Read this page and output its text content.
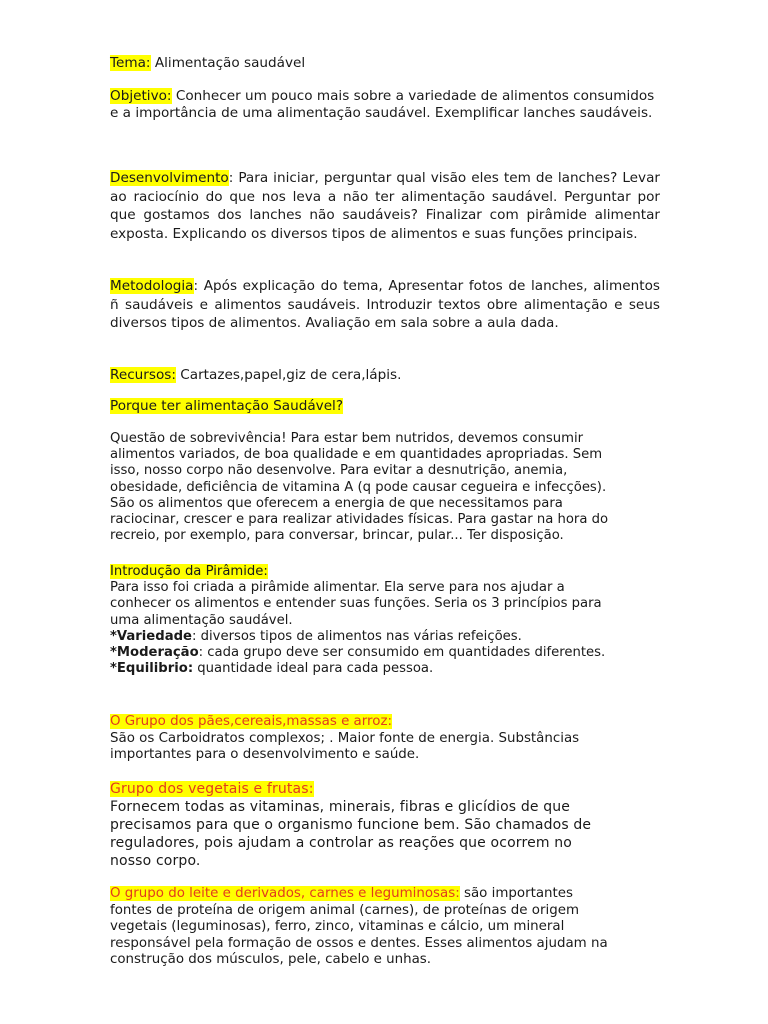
Tema: Alimentação saudável

Objetivo: Conhecer um pouco mais sobre a variedade de alimentos consumidos e a importância de uma alimentação saudável. Exemplificar lanches saudáveis.

Desenvolvimento: Para iniciar, perguntar qual visão eles tem de lanches? Levar ao raciocínio do que nos leva a não ter alimentação saudável. Perguntar por que gostamos dos lanches não saudáveis? Finalizar com pirâmide alimentar exposta. Explicando os diversos tipos de alimentos e suas funções principais.

Metodologia: Após explicação do tema, Apresentar fotos de lanches, alimentos ñ saudáveis e alimentos saudáveis. Introduzir textos obre alimentação e seus diversos tipos de alimentos. Avaliação em sala sobre a aula dada.

Recursos: Cartazes,papel,giz de cera,lápis.

Porque ter alimentação Saudável?

Questão de sobrevivência! Para estar bem nutridos, devemos consumir
alimentos variados, de boa qualidade e em quantidades apropriadas. Sem
isso, nosso corpo não desenvolve. Para evitar a desnutrição, anemia,
obesidade, deficiência de vitamina A (q pode causar cegueira e infecções).
São os alimentos que oferecem a energia de que necessitamos para
raciocinar, crescer e para realizar atividades físicas. Para gastar na hora do
recreio, por exemplo, para conversar, brincar, pular... Ter disposição.

Introdução da Pirâmide:
Para isso foi criada a pirâmide alimentar. Ela serve para nos ajudar a
conhecer os alimentos e entender suas funções. Seria os 3 princípios para
uma alimentação saudável.
*Variedade: diversos tipos de alimentos nas várias refeições.
*Moderação: cada grupo deve ser consumido em quantidades diferentes.
*Equilibrio: quantidade ideal para cada pessoa.

O Grupo dos pães,cereais,massas e arroz:
São os Carboidratos complexos; . Maior fonte de energia. Substâncias
importantes para o desenvolvimento e saúde.

Grupo dos vegetais e frutas:
Fornecem todas as vitaminas, minerais, fibras e glicídios de que
precisamos para que o organismo funcione bem. São chamados de
reguladores, pois ajudam a controlar as reações que ocorrem no
nosso corpo.

O grupo do leite e derivados, carnes e leguminosas: são importantes
fontes de proteína de origem animal (carnes), de proteínas de origem
vegetais (leguminosas), ferro, zinco, vitaminas e cálcio, um mineral
responsável pela formação de ossos e dentes. Esses alimentos ajudam na
construção dos músculos, pele, cabelo e unhas.
